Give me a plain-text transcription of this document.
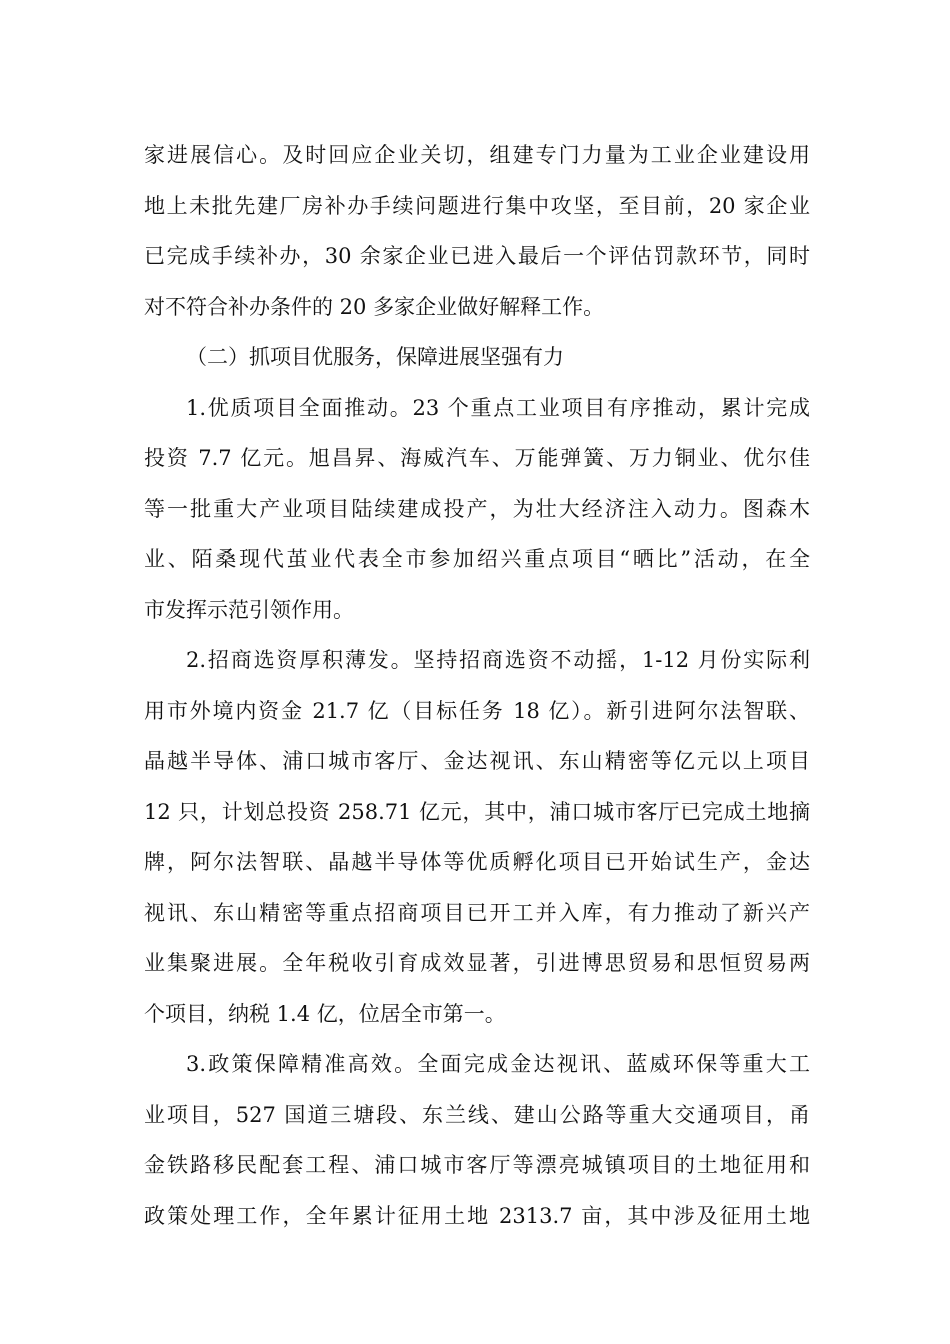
家进展信心。及时回应企业关切，组建专门力量为工业企业建设用
地上未批先建厂房补办手续问题进行集中攻坚，至目前，20 家企业
已完成手续补办，30 余家企业已进入最后一个评估罚款环节，同时
对不符合补办条件的 20 多家企业做好解释工作。
（二）抓项目优服务，保障进展坚强有力
1.优质项目全面推动。23 个重点工业项目有序推动，累计完成
投资 7.7 亿元。旭昌昇、海威汽车、万能弹簧、万力铜业、优尔佳
等一批重大产业项目陆续建成投产，为壮大经济注入动力。图森木
业、陌桑现代茧业代表全市参加绍兴重点项目“晒比”活动，在全
市发挥示范引领作用。
2.招商选资厚积薄发。坚持招商选资不动摇，1-12 月份实际利
用市外境内资金 21.7 亿（目标任务 18 亿）。新引进阿尔法智联、
晶越半导体、浦口城市客厅、金达视讯、东山精密等亿元以上项目
12 只，计划总投资 258.71 亿元，其中，浦口城市客厅已完成土地摘
牌，阿尔法智联、晶越半导体等优质孵化项目已开始试生产，金达
视讯、东山精密等重点招商项目已开工并入库，有力推动了新兴产
业集聚进展。全年税收引育成效显著，引进博思贸易和思恒贸易两
个项目，纳税 1.4 亿，位居全市第一。
3.政策保障精准高效。全面完成金达视讯、蓝威环保等重大工
业项目，527 国道三塘段、东兰线、建山公路等重大交通项目，甬
金铁路移民配套工程、浦口城市客厅等漂亮城镇项目的土地征用和
政策处理工作，全年累计征用土地 2313.7 亩，其中涉及征用土地
